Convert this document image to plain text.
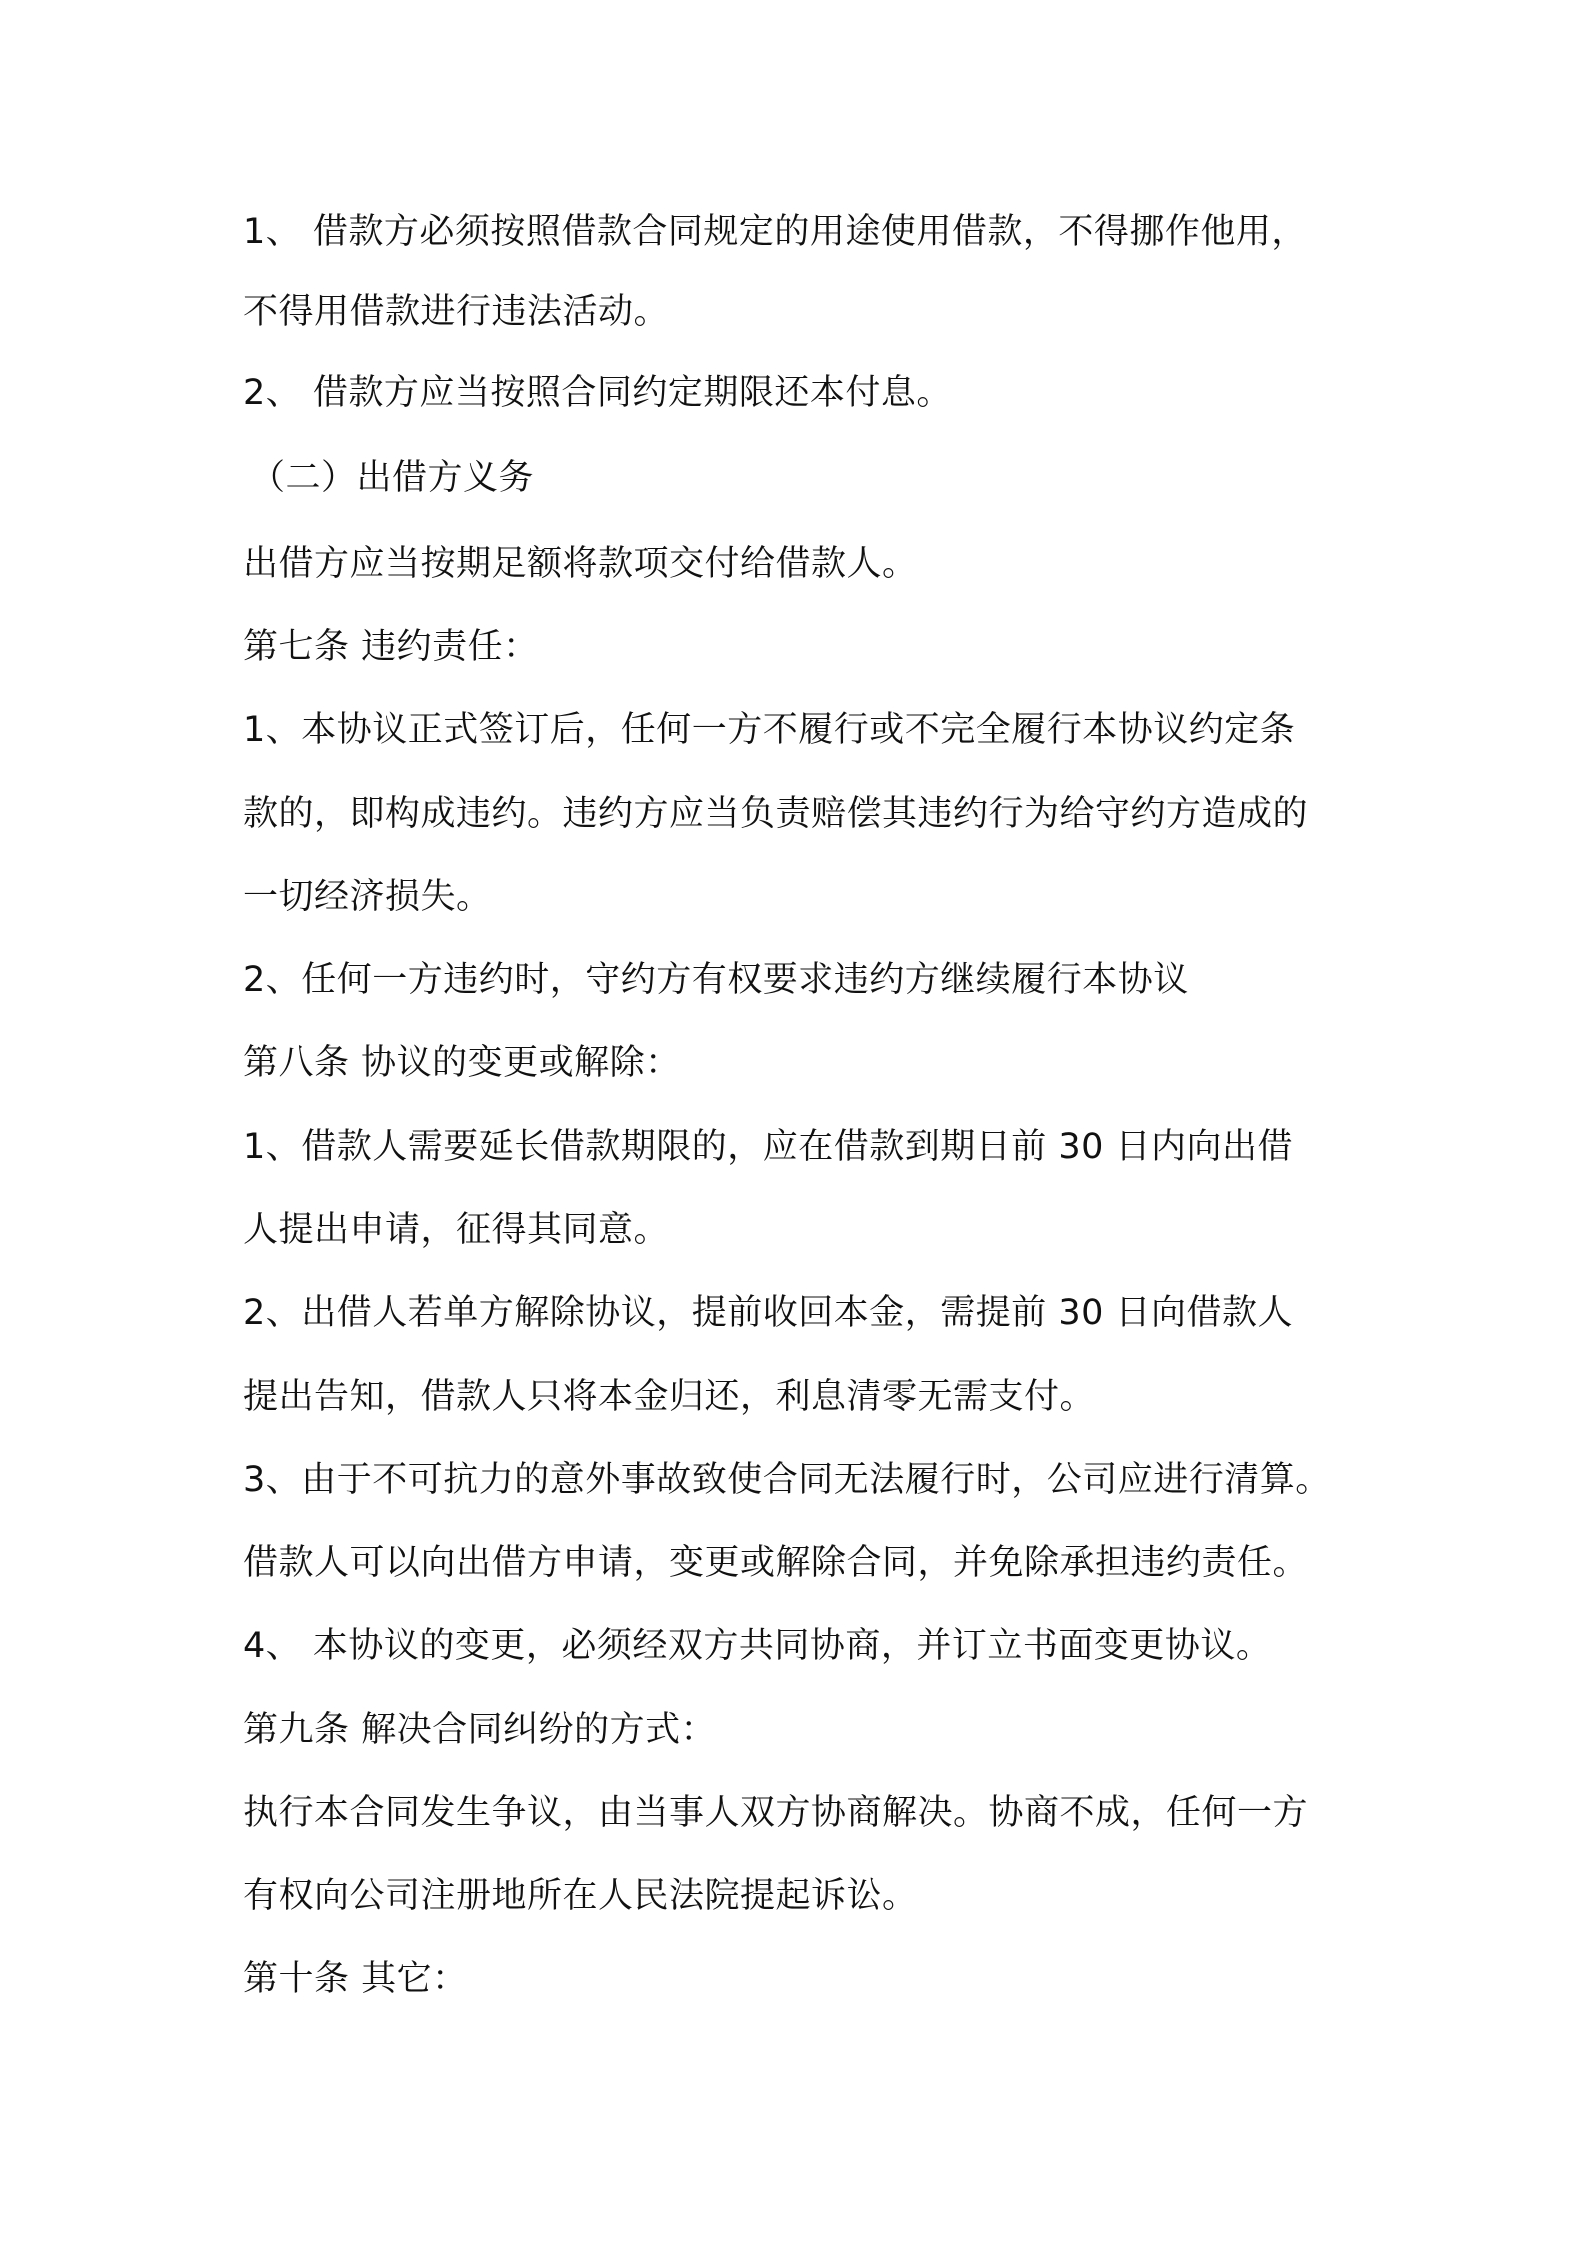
1、 借款方必须按照借款合同规定的用途使用借款，不得挪作他用，
不得用借款进行违法活动。
2、 借款方应当按照合同约定期限还本付息。
（二）出借方义务
出借方应当按期足额将款项交付给借款人。
第七条 违约责任：
1、本协议正式签订后，任何一方不履行或不完全履行本协议约定条
款的，即构成违约。违约方应当负责赔偿其违约行为给守约方造成的
一切经济损失。
2、任何一方违约时，守约方有权要求违约方继续履行本协议
第八条 协议的变更或解除：
1、借款人需要延长借款期限的，应在借款到期日前 30 日内向出借
人提出申请，征得其同意。
2、出借人若单方解除协议，提前收回本金，需提前 30 日向借款人
提出告知，借款人只将本金归还，利息清零无需支付。
3、由于不可抗力的意外事故致使合同无法履行时，公司应进行清算。
借款人可以向出借方申请，变更或解除合同，并免除承担违约责任。
4、 本协议的变更，必须经双方共同协商，并订立书面变更协议。
第九条 解决合同纠纷的方式：
执行本合同发生争议，由当事人双方协商解决。协商不成，任何一方
有权向公司注册地所在人民法院提起诉讼。
第十条 其它：
